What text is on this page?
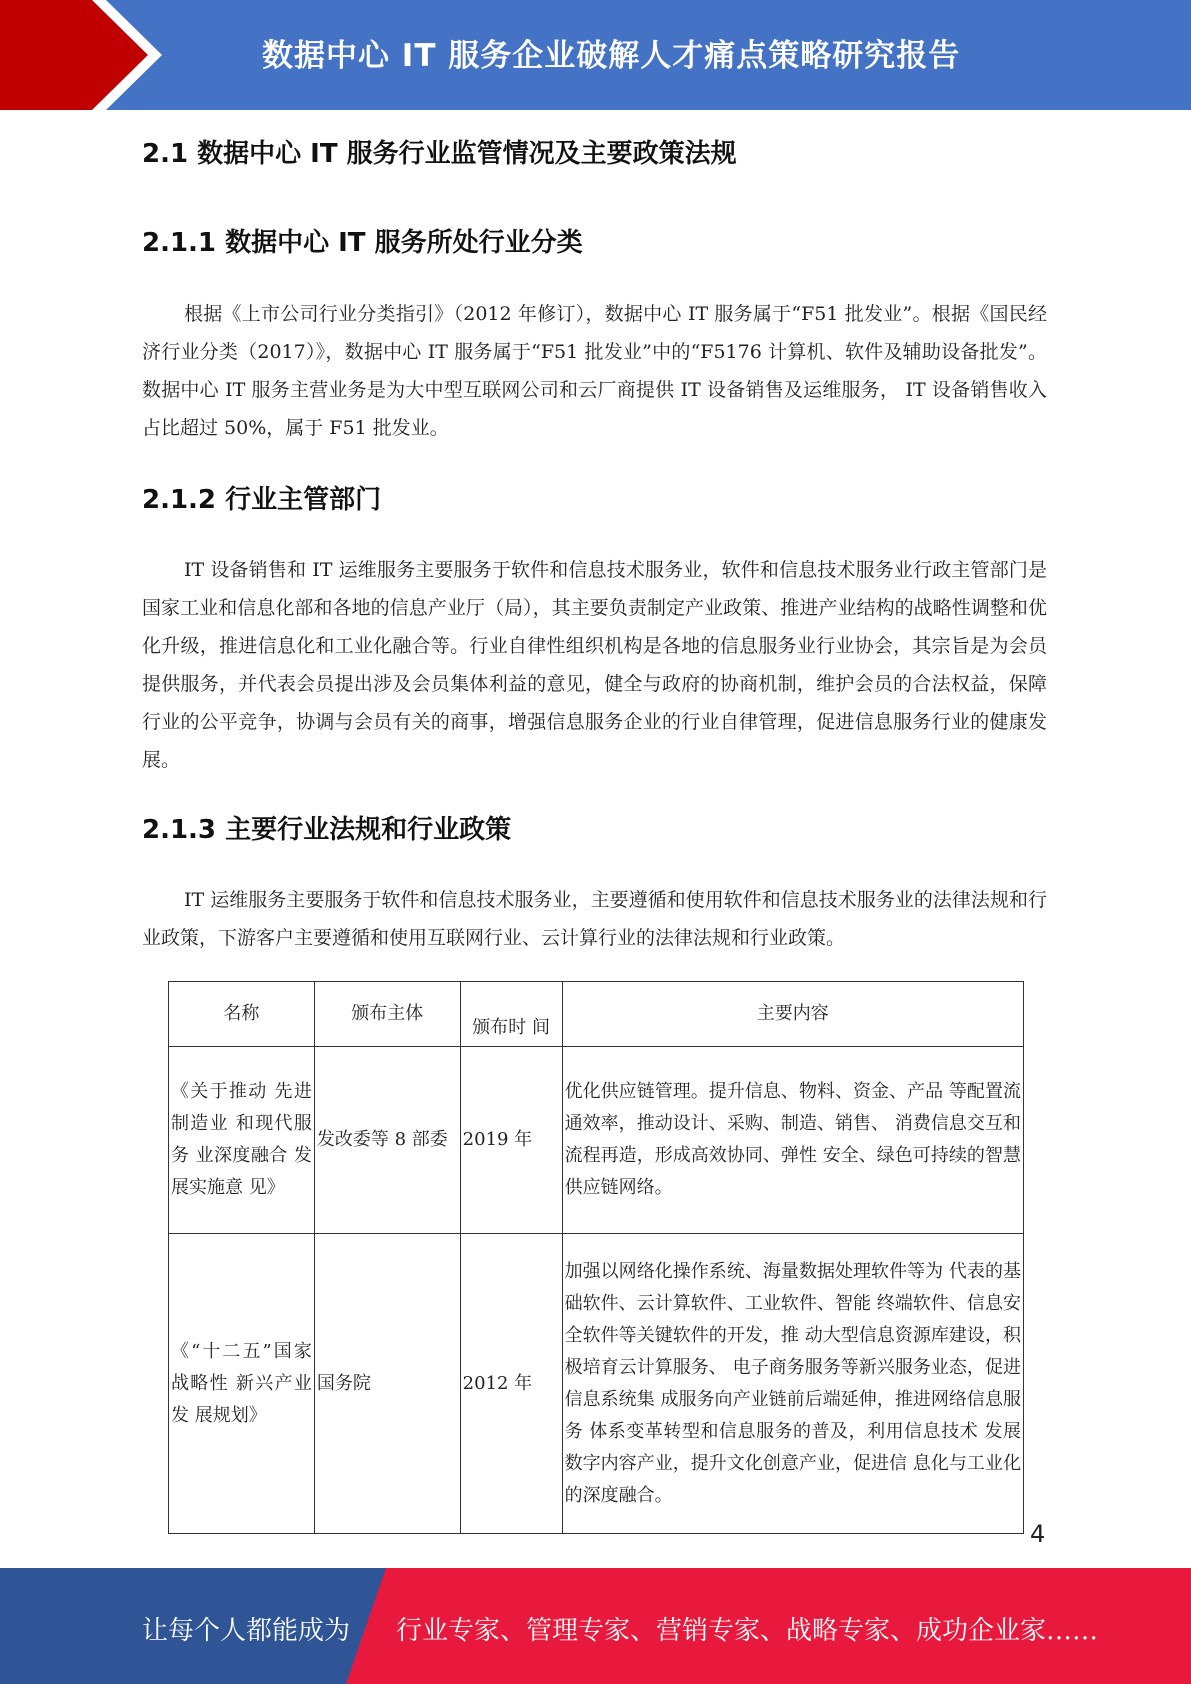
数据中心 IT 服务企业破解人才痛点策略研究报告
2.1 数据中心 IT 服务行业监管情况及主要政策法规
2.1.1 数据中心 IT 服务所处行业分类
根据《上市公司行业分类指引》（2012 年修订），数据中心 IT 服务属于“F51 批发业”。根据《国民经济行业分类（2017）》，数据中心 IT 服务属于“F51 批发业”中的“F5176 计算机、软件及辅助设备批发”。数据中心 IT 服务主营业务是为大中型互联网公司和云厂商提供 IT 设备销售及运维服务， IT 设备销售收入占比超过 50%，属于 F51 批发业。
2.1.2 行业主管部门
IT 设备销售和 IT 运维服务主要服务于软件和信息技术服务业，软件和信息技术服务业行政主管部门是国家工业和信息化部和各地的信息产业厅（局），其主要负责制定产业政策、推进产业结构的战略性调整和优化升级，推进信息化和工业化融合等。行业自律性组织机构是各地的信息服务业行业协会，其宗旨是为会员提供服务，并代表会员提出涉及会员集体利益的意见，健全与政府的协商机制，维护会员的合法权益，保障行业的公平竞争，协调与会员有关的商事，增强信息服务企业的行业自律管理，促进信息服务行业的健康发展。
2.1.3 主要行业法规和行业政策
IT 运维服务主要服务于软件和信息技术服务业，主要遵循和使用软件和信息技术服务业的法律法规和行业政策，下游客户主要遵循和使用互联网行业、云计算行业的法律法规和行业政策。
名称	颁布主体	颁布时 间	主要内容
《关于推动 先进制造业 和现代服务 业深度融合 发展实施意 见》	发改委等 8 部委	2019 年	优化供应链管理。提升信息、物料、资金、产品 等配置流通效率，推动设计、采购、制造、销售、 消费信息交互和流程再造，形成高效协同、弹性 安全、绿色可持续的智慧供应链网络。
《“十二五”国家战略性 新兴产业发 展规划》	国务院	2012 年	加强以网络化操作系统、海量数据处理软件等为 代表的基础软件、云计算软件、工业软件、智能 终端软件、信息安全软件等关键软件的开发，推 动大型信息资源库建设，积极培育云计算服务、 电子商务服务等新兴服务业态，促进信息系统集 成服务向产业链前后端延伸，推进网络信息服务 体系变革转型和信息服务的普及，利用信息技术 发展数字内容产业，提升文化创意产业，促进信 息化与工业化的深度融合。
4
让每个人都能成为 行业专家、管理专家、营销专家、战略专家、成功企业家……
